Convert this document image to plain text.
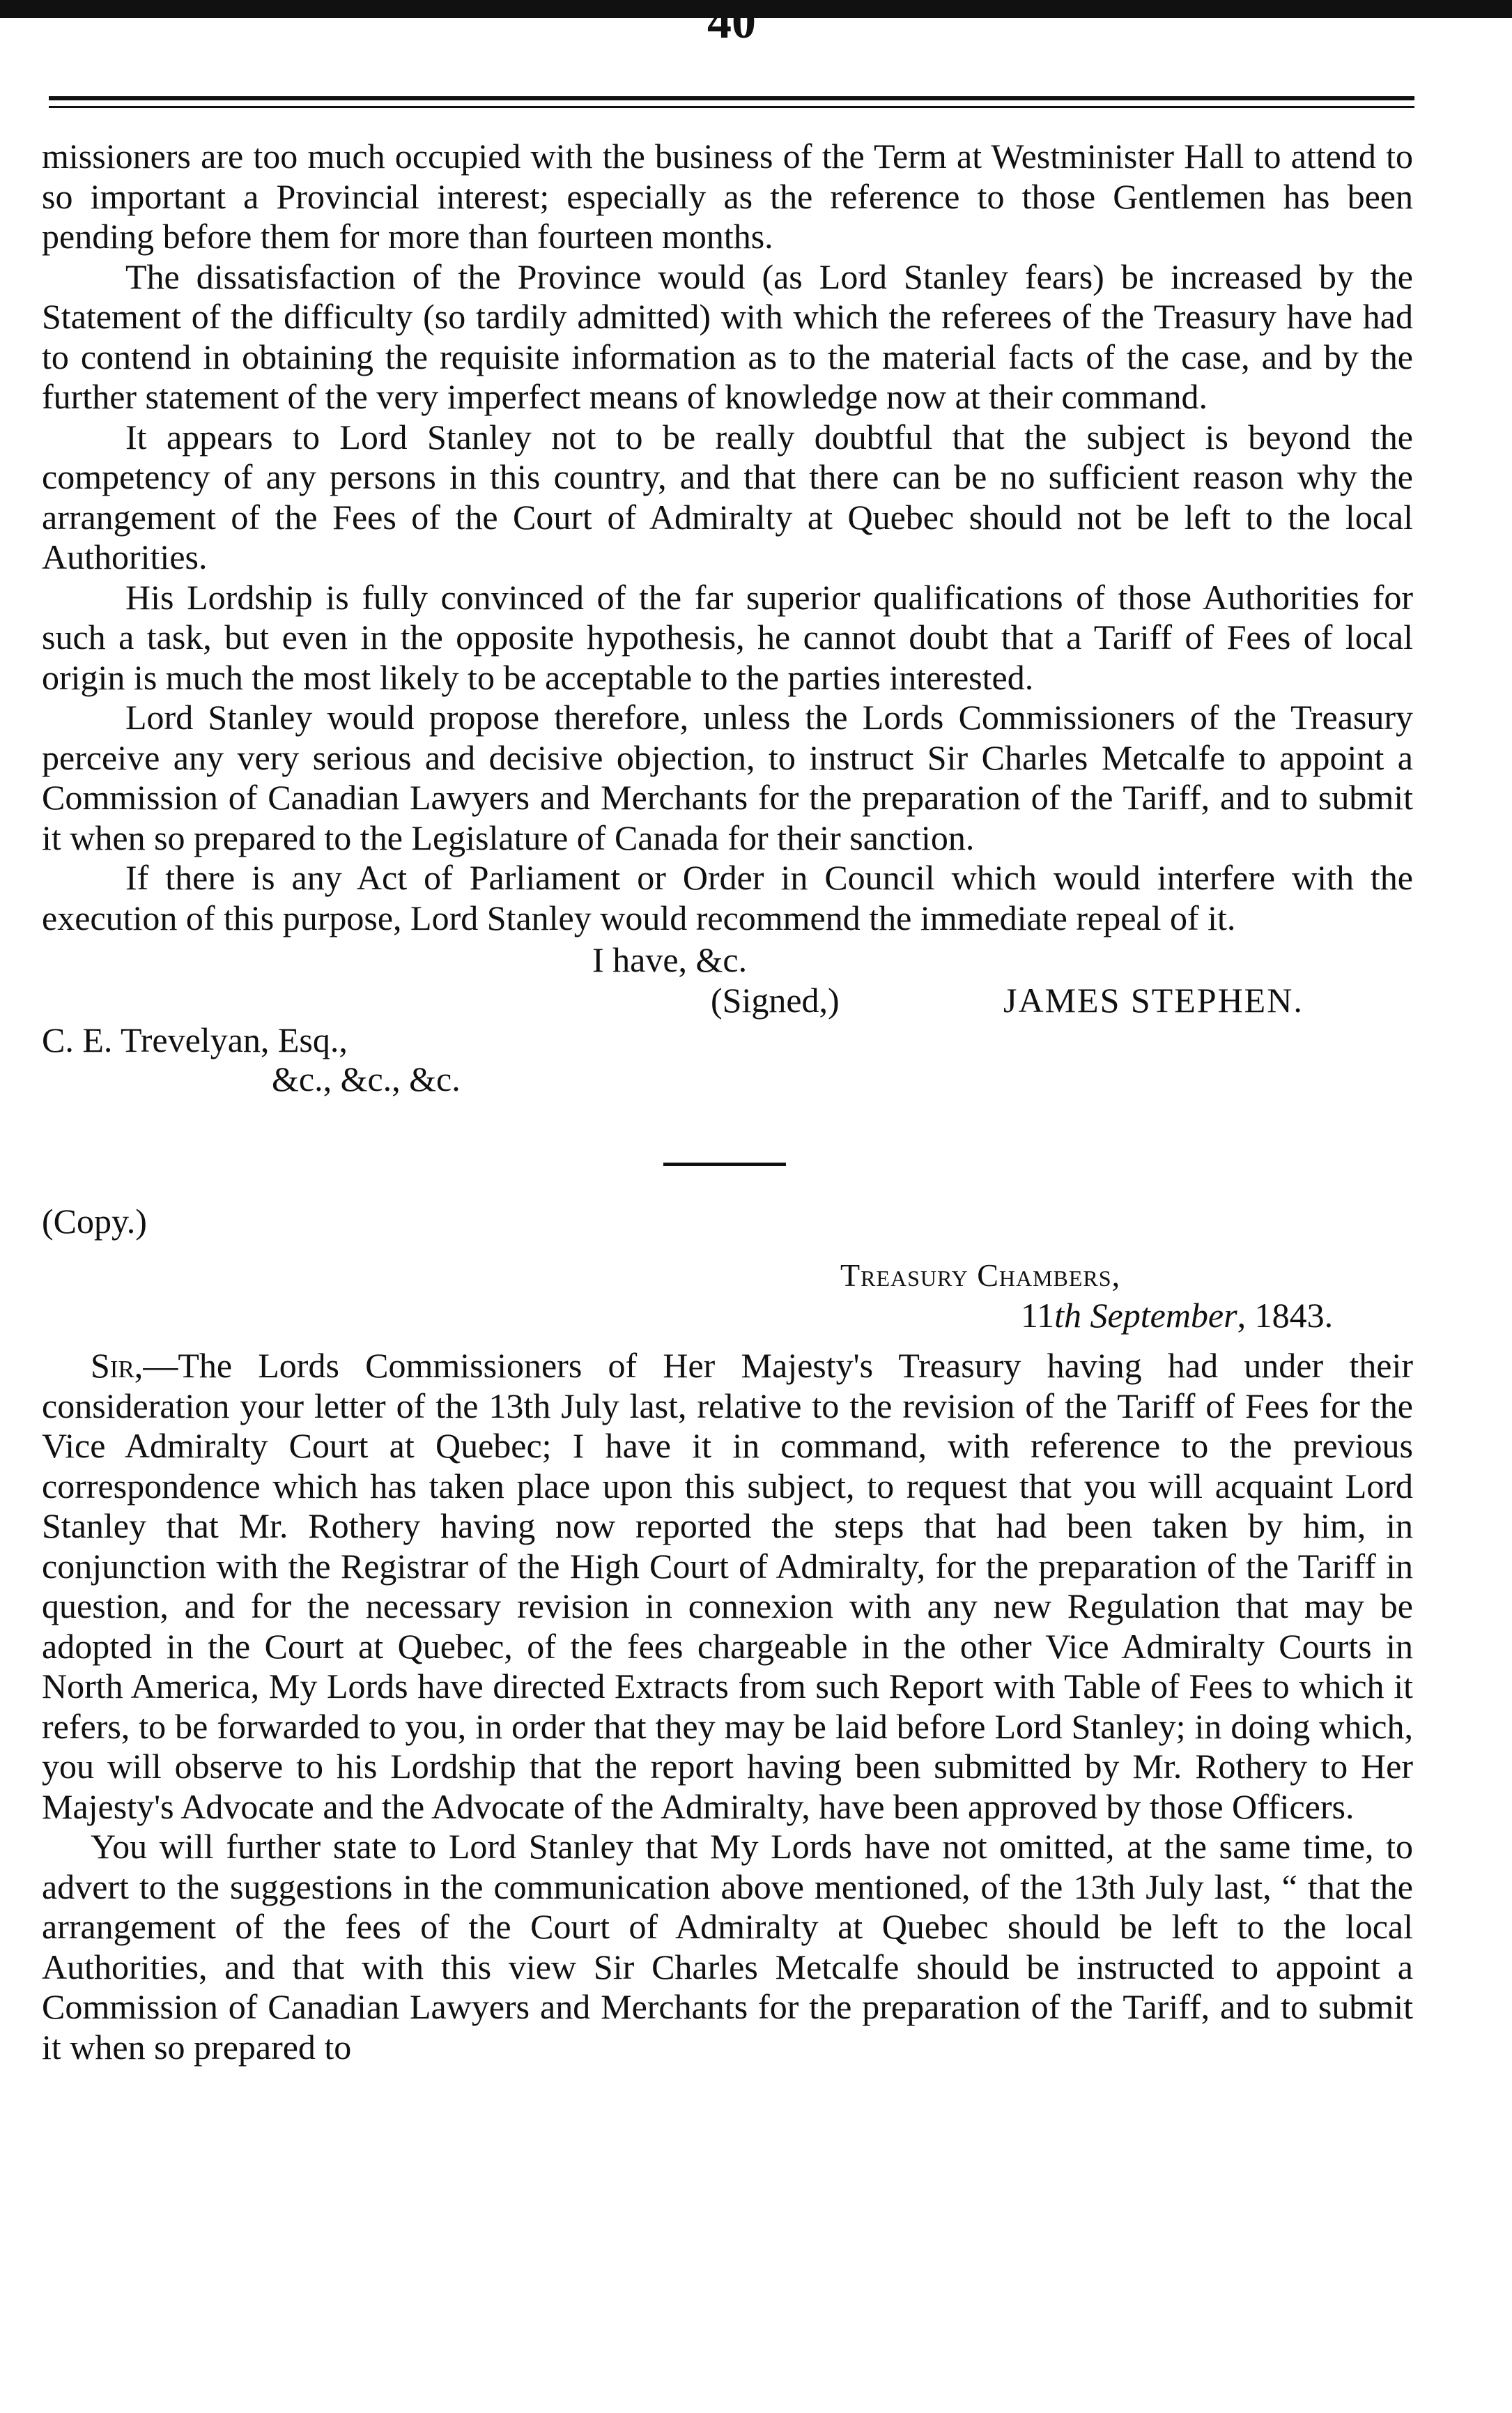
40

missioners are too much occupied with the business of the Term at Westminister Hall to attend to so important a Provincial interest; especially as the reference to those Gentlemen has been pending before them for more than fourteen months.

The dissatisfaction of the Province would (as Lord Stanley fears) be increased by the Statement of the difficulty (so tardily admitted) with which the referees of the Treasury have had to contend in obtaining the requisite information as to the material facts of the case, and by the further statement of the very imperfect means of knowledge now at their command.

It appears to Lord Stanley not to be really doubtful that the subject is beyond the competency of any persons in this country, and that there can be no sufficient reason why the arrangement of the Fees of the Court of Admiralty at Quebec should not be left to the local Authorities.

His Lordship is fully convinced of the far superior qualifications of those Authorities for such a task, but even in the opposite hypothesis, he cannot doubt that a Tariff of Fees of local origin is much the most likely to be acceptable to the parties interested.

Lord Stanley would propose therefore, unless the Lords Commissioners of the Treasury perceive any very serious and decisive objection, to instruct Sir Charles Metcalfe to appoint a Commission of Canadian Lawyers and Merchants for the preparation of the Tariff, and to submit it when so prepared to the Legislature of Canada for their sanction.

If there is any Act of Parliament or Order in Council which would interfere with the execution of this purpose, Lord Stanley would recommend the immediate repeal of it.

I have, &c.
(Signed,)	JAMES STEPHEN.
C. E. Trevelyan, Esq.,
&c., &c., &c.
(Copy.)
Treasury Chambers,
11th September, 1843.

Sir,—The Lords Commissioners of Her Majesty's Treasury having had under their consideration your letter of the 13th July last, relative to the revision of the Tariff of Fees for the Vice Admiralty Court at Quebec; I have it in command, with reference to the previous correspondence which has taken place upon this subject, to request that you will acquaint Lord Stanley that Mr. Rothery having now reported the steps that had been taken by him, in conjunction with the Registrar of the High Court of Admiralty, for the preparation of the Tariff in question, and for the necessary revision in connexion with any new Regulation that may be adopted in the Court at Quebec, of the fees chargeable in the other Vice Admiralty Courts in North America, My Lords have directed Extracts from such Report with Table of Fees to which it refers, to be forwarded to you, in order that they may be laid before Lord Stanley; in doing which, you will observe to his Lordship that the report having been submitted by Mr. Rothery to Her Majesty's Advocate and the Advocate of the Admiralty, have been approved by those Officers.

You will further state to Lord Stanley that My Lords have not omitted, at the same time, to advert to the suggestions in the communication above mentioned, of the 13th July last, “ that the arrangement of the fees of the Court of Admiralty at Quebec should be left to the local Authorities, and that with this view Sir Charles Metcalfe should be instructed to appoint a Commission of Canadian Lawyers and Merchants for the preparation of the Tariff, and to submit it when so prepared to
